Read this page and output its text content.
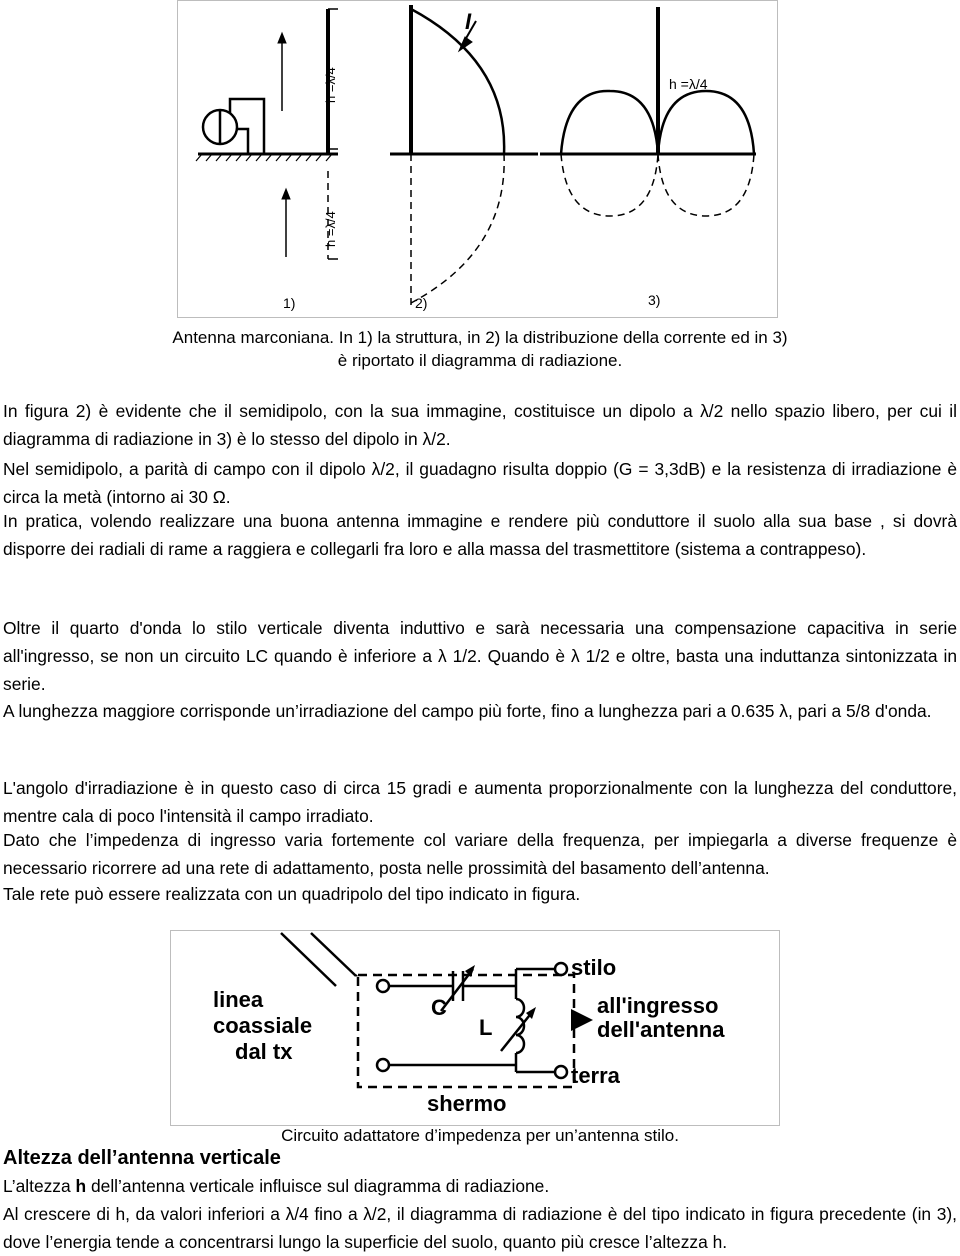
h =λ/4
h =λ/4
I
h =λ/4
1)	2)	3)
Antenna marconiana. In 1) la struttura, in 2) la distribuzione della corrente ed in 3)
è riportato il diagramma di radiazione.

In figura 2) è evidente che il semidipolo, con la sua immagine, costituisce un dipolo a λ/2 nello spazio libero, per cui il diagramma di radiazione in 3) è lo stesso del dipolo in λ/2.

Nel semidipolo, a parità di campo con il dipolo λ/2, il guadagno risulta doppio (G = 3,3dB) e la resistenza di irradiazione è circa la metà (intorno ai 30 Ω.

In pratica, volendo realizzare una buona antenna immagine e rendere più conduttore il suolo alla sua base , si dovrà disporre dei radiali di rame a raggiera e collegarli fra loro e alla massa del trasmettitore (sistema a contrappeso).

Oltre il quarto d'onda lo stilo verticale diventa induttivo e sarà necessaria una compensazione capacitiva in serie all'ingresso, se non un circuito LC quando è inferiore a λ 1/2. Quando è λ 1/2 e oltre, basta una induttanza sintonizzata in serie.

A lunghezza maggiore corrisponde un’irradiazione del campo più forte, fino a lunghezza pari a 0.635 λ, pari a 5/8 d'onda.

L'angolo d'irradiazione è in questo caso di circa 15 gradi e aumenta proporzionalmente con la lunghezza del conduttore, mentre cala di poco l'intensità il campo irradiato.

Dato che l’impedenza di ingresso varia fortemente col variare della frequenza, per impiegarla a diverse frequenze è necessario ricorrere ad una rete di adattamento, posta nelle prossimità del basamento dell’antenna.

Tale rete può essere realizzata con un quadripolo del tipo indicato in figura.

linea
coassiale
dal tx
stilo
all'ingresso
dell'antenna
terra
shermo
C
L
Circuito adattatore d’impedenza per un’antenna stilo.
Altezza dell’antenna verticale

L’altezza h dell’antenna verticale influisce sul diagramma di radiazione.

Al crescere di h, da valori inferiori a λ/4 fino a λ/2, il diagramma di radiazione è del tipo indicato in figura precedente (in 3), dove l’energia tende a concentrarsi lungo la superficie del suolo, quanto più cresce l’altezza h.
